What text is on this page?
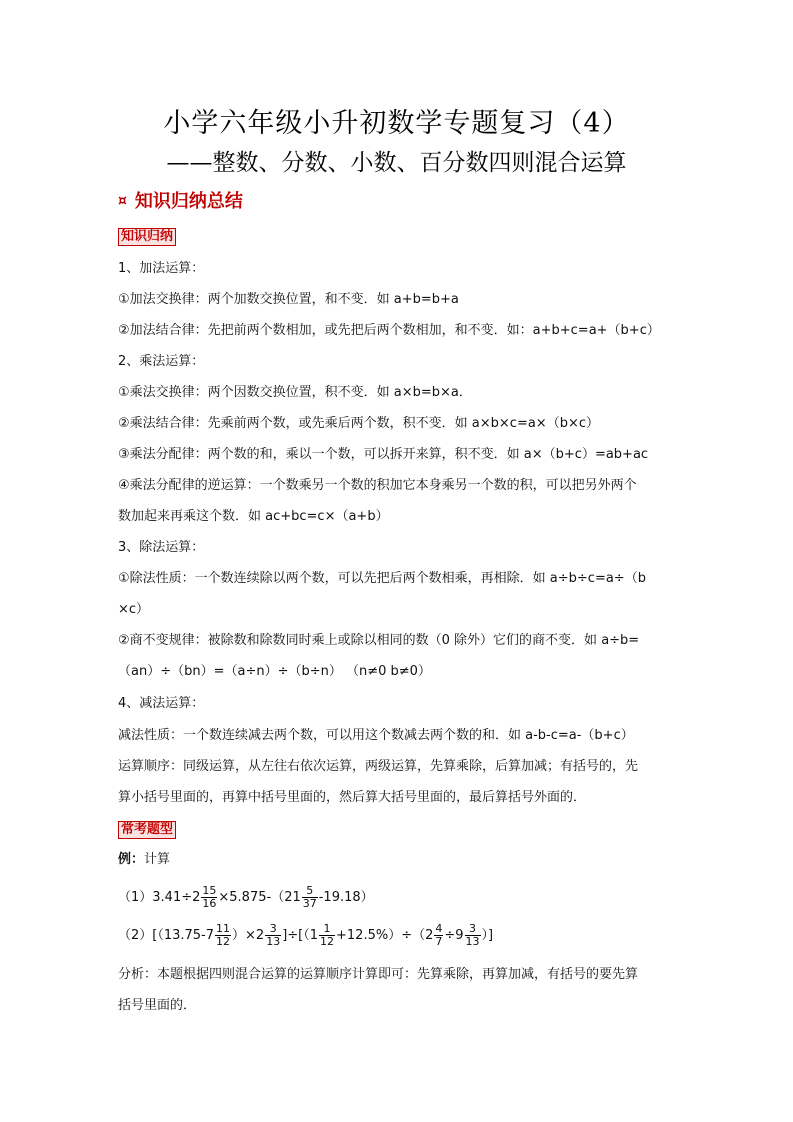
小学六年级小升初数学专题复习（4）
——整数、分数、小数、百分数四则混合运算
¤ 知识归纳总结
知识归纳
1、加法运算：
①加法交换律：两个加数交换位置，和不变．如 a+b=b+a
②加法结合律：先把前两个数相加，或先把后两个数相加，和不变．如：a+b+c=a+（b+c）
2、乘法运算：
①乘法交换律：两个因数交换位置，积不变．如 a×b=b×a．
②乘法结合律：先乘前两个数，或先乘后两个数，积不变．如 a×b×c=a×（b×c）
③乘法分配律：两个数的和，乘以一个数，可以拆开来算，积不变．如 a×（b+c）=ab+ac
④乘法分配律的逆运算：一个数乘另一个数的积加它本身乘另一个数的积，可以把另外两个
数加起来再乘这个数．如 ac+bc=c×（a+b）
3、除法运算：
①除法性质：一个数连续除以两个数，可以先把后两个数相乘，再相除．如 a÷b÷c=a÷（b
×c）
②商不变规律：被除数和除数同时乘上或除以相同的数（0 除外）它们的商不变．如 a÷b=
（an）÷（bn）=（a÷n）÷（b÷n） （n≠0 b≠0）
4、减法运算：
减法性质：一个数连续减去两个数，可以用这个数减去两个数的和．如 a-b-c=a-（b+c）
运算顺序：同级运算，从左往右依次运算，两级运算，先算乘除，后算加减；有括号的，先
算小括号里面的，再算中括号里面的，然后算大括号里面的，最后算括号外面的．
常考题型
例：计算
$(1)3.41\div 2 \frac{15}{16} \times 5.875-(21 \frac{5}{37} -19.18)$
$(2)[(13.75-7 \frac{11}{12} )\times 2 \frac{3}{13} ]\div[(1 \frac{1}{12} +12.5\%)\div(2 \frac{4}{7} \div 9 \frac{3}{13}$ ）]
分析：本题根据四则混合运算的运算顺序计算即可：先算乘除，再算加减，有括号的要先算
括号里面的．
